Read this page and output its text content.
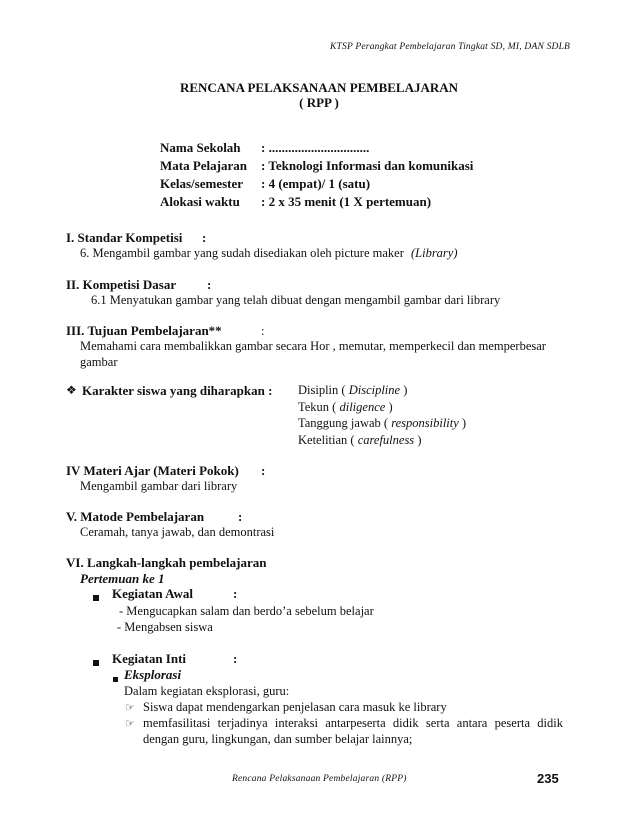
KTSP Perangkat Pembelajaran Tingkat SD, MI, DAN SDLB
RENCANA PELAKSANAAN PEMBELAJARAN
( RPP )
Nama Sekolah : ...............................
Mata Pelajaran : Teknologi Informasi dan komunikasi
Kelas/semester : 4 (empat)/ 1 (satu)
Alokasi waktu : 2 x 35 menit (1 X pertemuan)
I. Standar Kompetisi :
6. Mengambil gambar yang sudah disediakan oleh picture maker (Library)
II. Kompetisi Dasar :
6.1 Menyatukan gambar yang telah dibuat dengan mengambil gambar dari library
III. Tujuan Pembelajaran**	:
Memahami cara membalikkan gambar secara Hor , memutar, memperkecil dan memperbesar
gambar
❖ Karakter siswa yang diharapkan : Disiplin ( Discipline )
Tekun ( diligence )
Tanggung jawab ( responsibility )
Ketelitian ( carefulness )
IV Materi Ajar (Materi Pokok) :
Mengambil gambar dari library
V. Matode Pembelajaran	:
Ceramah, tanya jawab, dan demontrasi
VI. Langkah-langkah pembelajaran
Pertemuan ke 1
Kegiatan Awal	:
- Mengucapkan salam dan berdo’a sebelum belajar
- Mengabsen siswa
Kegiatan Inti	:
Eksplorasi
Dalam kegiatan eksplorasi, guru:
☞ Siswa dapat mendengarkan penjelasan cara masuk ke library
☞ memfasilitasi terjadinya interaksi antarpeserta didik serta antara peserta didik
dengan guru, lingkungan, dan sumber belajar lainnya;
Rencana Pelaksanaan Pembelajaran (RPP)	235
